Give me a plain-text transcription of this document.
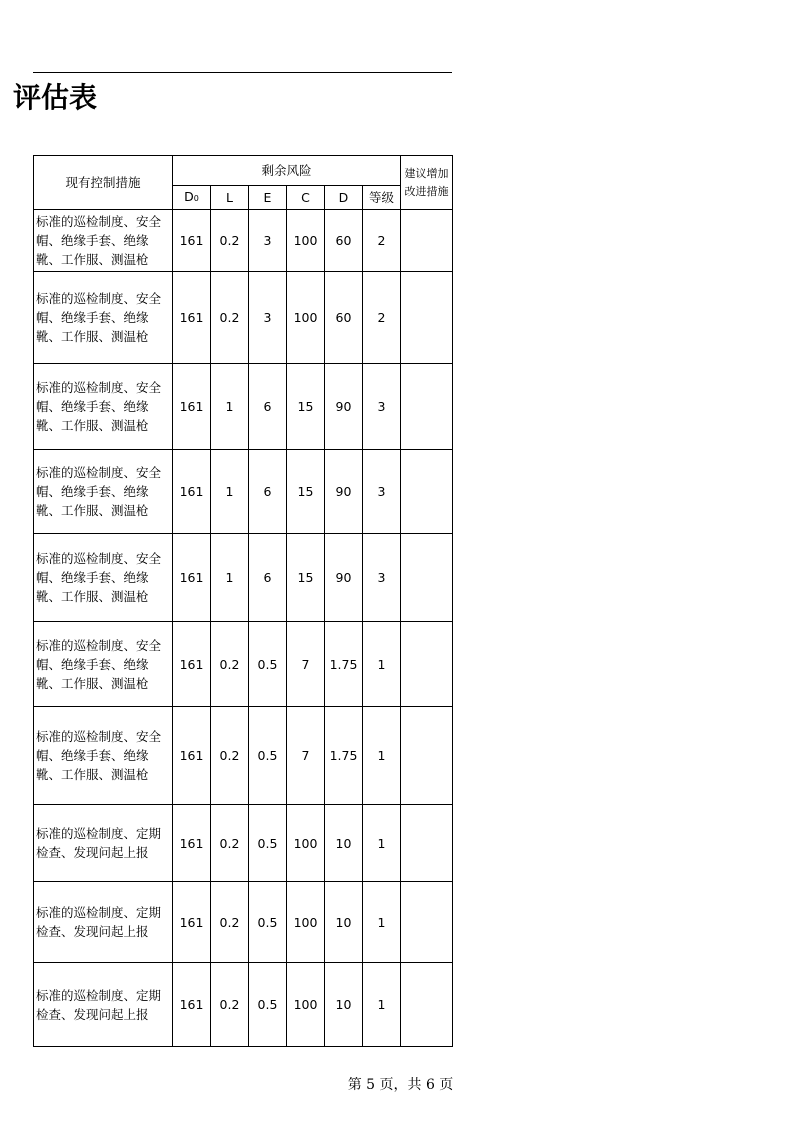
评估表
现有控制措施	剩余风险						建议增加改进措施
	D0	L	E	C	D	等级	
标准的巡检制度、安全帽、绝缘手套、绝缘靴、工作服、测温枪	161	0.2	3	100	60	2	
标准的巡检制度、安全帽、绝缘手套、绝缘靴、工作服、测温枪	161	0.2	3	100	60	2	
标准的巡检制度、安全帽、绝缘手套、绝缘靴、工作服、测温枪	161	1	6	15	90	3	
标准的巡检制度、安全帽、绝缘手套、绝缘靴、工作服、测温枪	161	1	6	15	90	3	
标准的巡检制度、安全帽、绝缘手套、绝缘靴、工作服、测温枪	161	1	6	15	90	3	
标准的巡检制度、安全帽、绝缘手套、绝缘靴、工作服、测温枪	161	0.2	0.5	7	1.75	1	
标准的巡检制度、安全帽、绝缘手套、绝缘靴、工作服、测温枪	161	0.2	0.5	7	1.75	1	
标准的巡检制度、定期检查、发现问起上报	161	0.2	0.5	100	10	1	
标准的巡检制度、定期检查、发现问起上报	161	0.2	0.5	100	10	1	
标准的巡检制度、定期检查、发现问起上报	161	0.2	0.5	100	10	1	
第 5 页，共 6 页
